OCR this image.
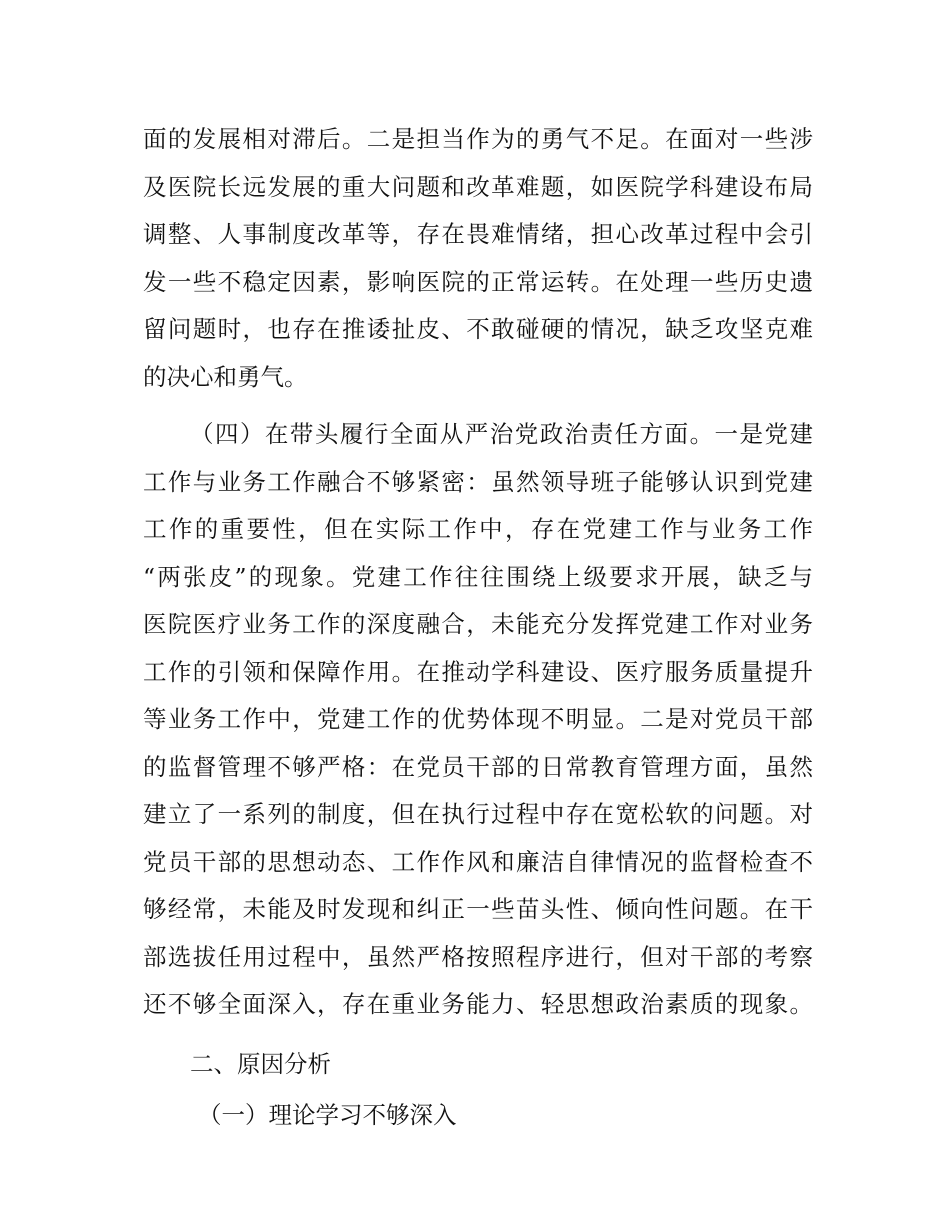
面的发展相对滞后。二是担当作为的勇气不足。在面对一些涉
及医院长远发展的重大问题和改革难题，如医院学科建设布局
调整、人事制度改革等，存在畏难情绪，担心改革过程中会引
发一些不稳定因素，影响医院的正常运转。在处理一些历史遗
留问题时，也存在推诿扯皮、不敢碰硬的情况，缺乏攻坚克难
的决心和勇气。
（四）在带头履行全面从严治党政治责任方面。一是党建
工作与业务工作融合不够紧密：虽然领导班子能够认识到党建
工作的重要性，但在实际工作中，存在党建工作与业务工作
“两张皮”的现象。党建工作往往围绕上级要求开展，缺乏与
医院医疗业务工作的深度融合，未能充分发挥党建工作对业务
工作的引领和保障作用。在推动学科建设、医疗服务质量提升
等业务工作中，党建工作的优势体现不明显。二是对党员干部
的监督管理不够严格：在党员干部的日常教育管理方面，虽然
建立了一系列的制度，但在执行过程中存在宽松软的问题。对
党员干部的思想动态、工作作风和廉洁自律情况的监督检查不
够经常，未能及时发现和纠正一些苗头性、倾向性问题。在干
部选拔任用过程中，虽然严格按照程序进行，但对干部的考察
还不够全面深入，存在重业务能力、轻思想政治素质的现象。
二、原因分析
（一）理论学习不够深入
